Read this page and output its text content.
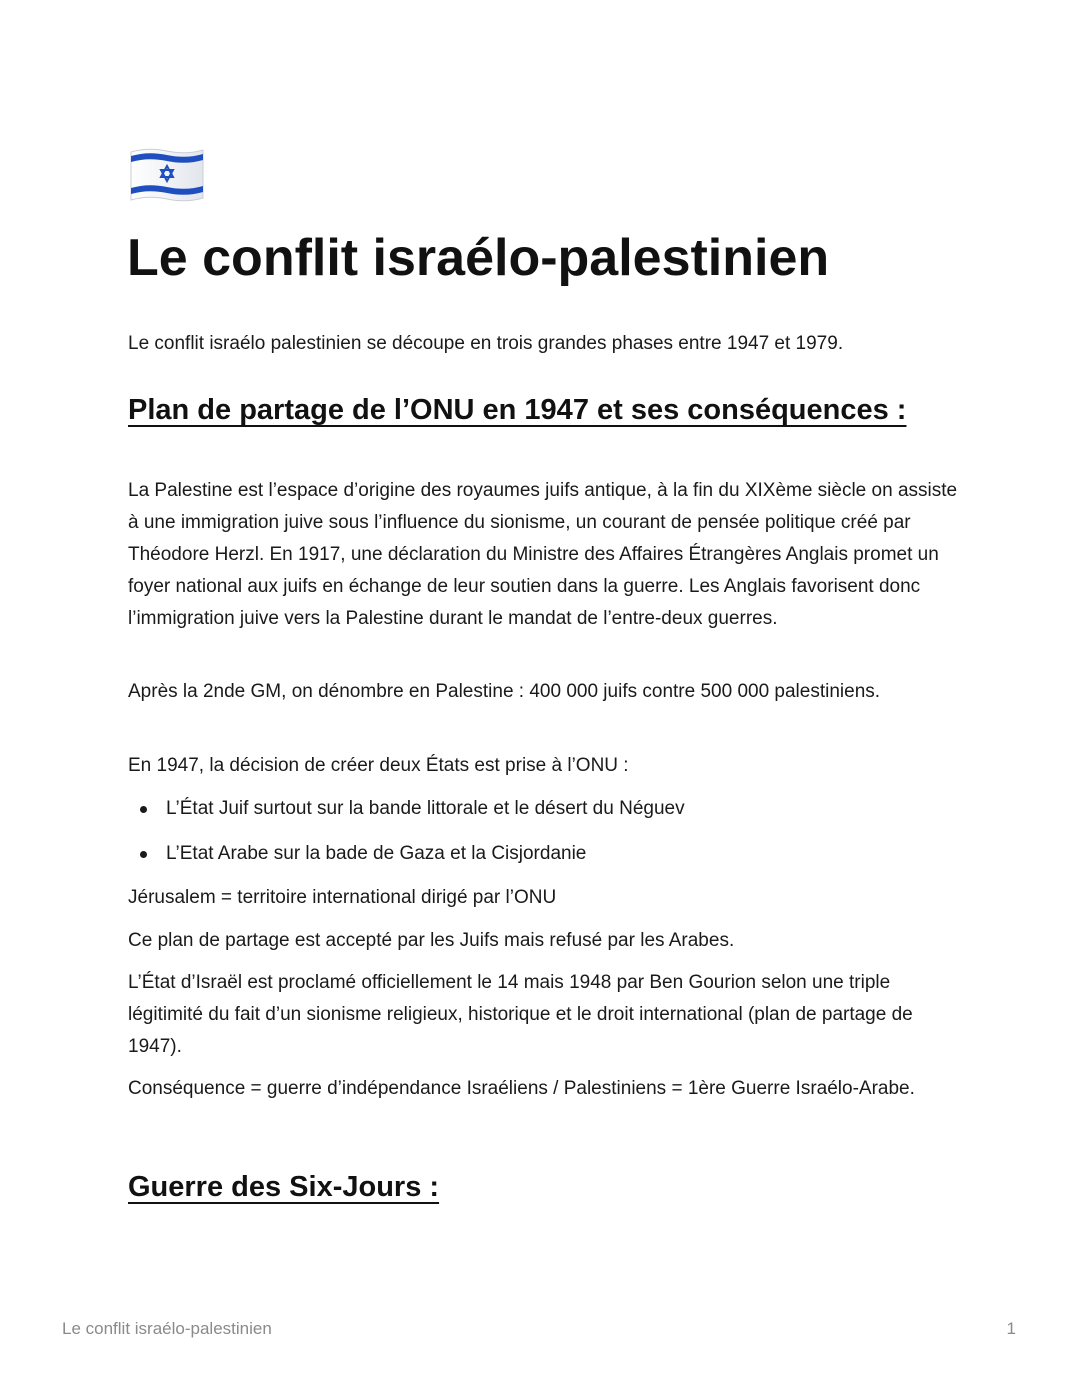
Le conflit israélo-palestinien

Le conflit israélo palestinien se découpe en trois grandes phases entre 1947 et 1979.

Plan de partage de l’ONU en 1947 et ses conséquences :

La Palestine est l’espace d’origine des royaumes juifs antique, à la fin du XIXème siècle on assiste à une immigration juive sous l’influence du sionisme, un courant de pensée politique créé par Théodore Herzl. En 1917, une déclaration du Ministre des Affaires Étrangères Anglais promet un foyer national aux juifs en échange de leur soutien dans la guerre. Les Anglais favorisent donc l’immigration juive vers la Palestine durant le mandat de l’entre-deux guerres.

Après la 2nde GM, on dénombre en Palestine : 400 000 juifs contre 500 000 palestiniens.

En 1947, la décision de créer deux États est prise à l’ONU :

L’État Juif surtout sur la bande littorale et le désert du Néguev
L’Etat Arabe sur la bade de Gaza et la Cisjordanie

Jérusalem = territoire international dirigé par l’ONU

Ce plan de partage est accepté par les Juifs mais refusé par les Arabes.

L’État d’Israël est proclamé officiellement le 14 mais 1948 par Ben Gourion selon une triple légitimité du fait d’un sionisme religieux, historique et le droit international (plan de partage de 1947).

Conséquence = guerre d’indépendance Israéliens / Palestiniens = 1ère Guerre Israélo-Arabe.

Guerre des Six-Jours :
Le conflit israélo-palestinien	1
